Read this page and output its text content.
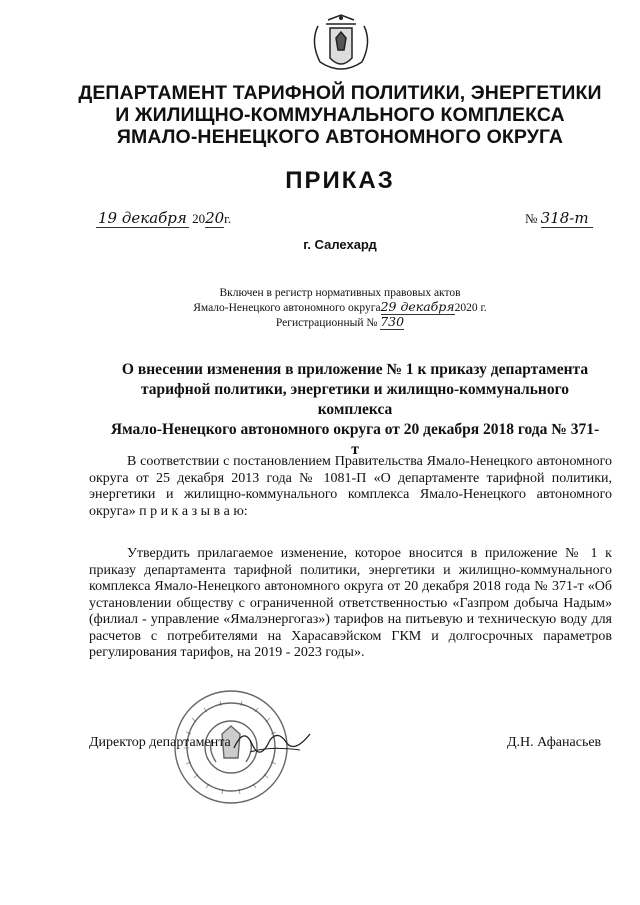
ДЕПАРТАМЕНТ ТАРИФНОЙ ПОЛИТИКИ, ЭНЕРГЕТИКИ
И ЖИЛИЩНО-КОММУНАЛЬНОГО КОМПЛЕКСА
ЯМАЛО-НЕНЕЦКОГО АВТОНОМНОГО ОКРУГА
ПРИКАЗ
19 декабря 2020г.	№ 318-т
г. Салехард
Включен в регистр нормативных правовых актов
Ямало-Ненецкого автономного округа29 декабря2020 г.
Регистрационный № 730
О внесении изменения в приложение № 1 к приказу департамента
тарифной политики, энергетики и жилищно-коммунального комплекса
Ямало-Ненецкого автономного округа от 20 декабря 2018 года № 371-т
В соответствии с постановлением Правительства Ямало-Ненецкого автономного округа от 25 декабря 2013 года № 1081-П «О департаменте тарифной политики, энергетики и жилищно-коммунального комплекса Ямало-Ненецкого автономного округа» п р и к а з ы в а ю:
Утвердить прилагаемое изменение, которое вносится в приложение № 1 к приказу департамента тарифной политики, энергетики и жилищно-коммунального комплекса Ямало-Ненецкого автономного округа от 20 декабря 2018 года № 371-т «Об установлении обществу с ограниченной ответственностью «Газпром добыча Надым» (филиал - управление «Ямалэнергогаз») тарифов на питьевую и техническую воду для расчетов с потребителями на Харасавэйском ГКМ и долгосрочных параметров регулирования тарифов, на 2019 - 2023 годы».
Директор департамента	Д.Н. Афанасьев
